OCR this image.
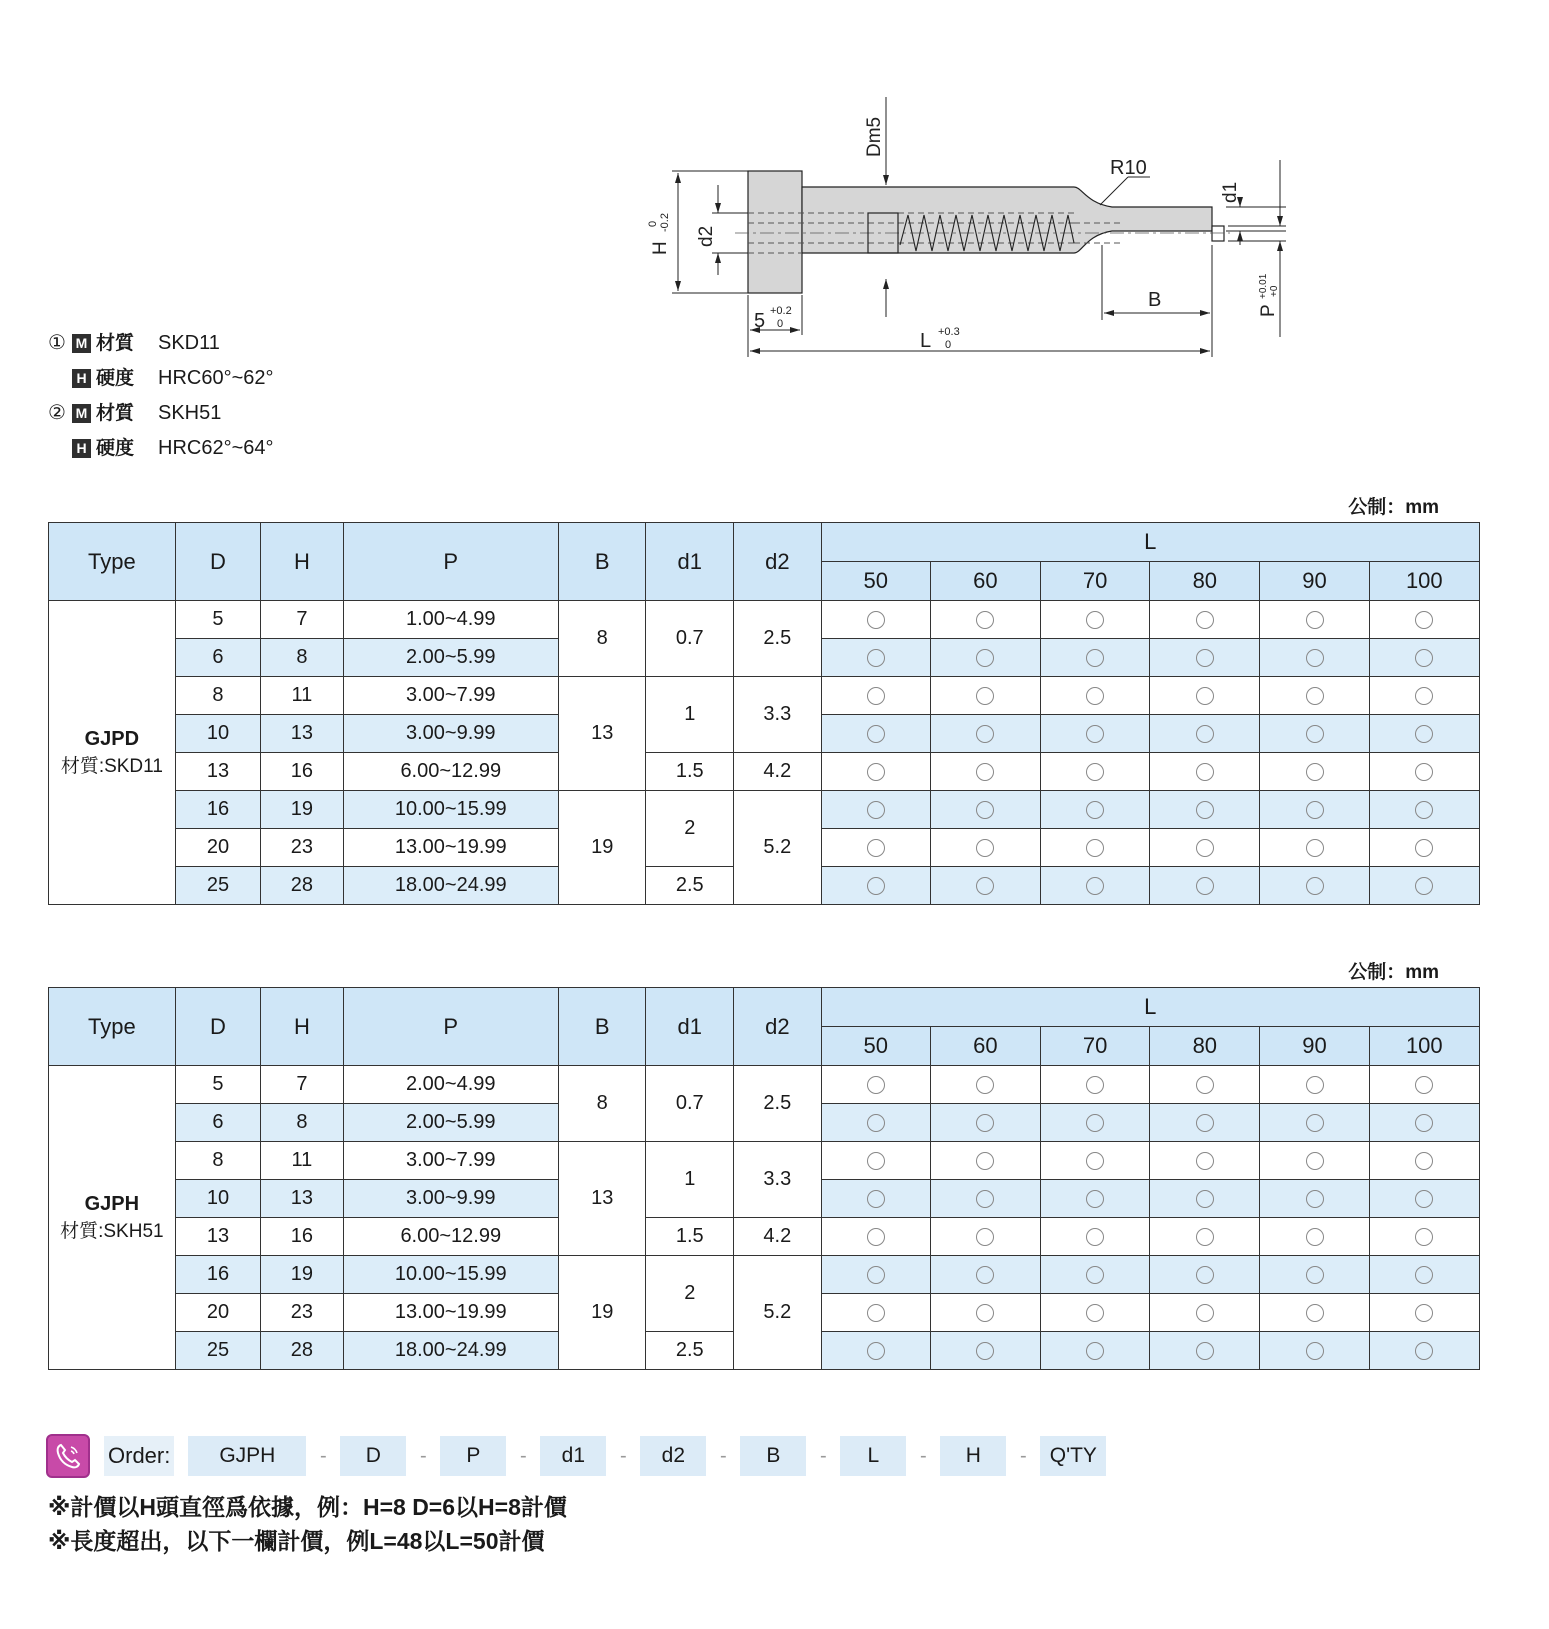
Dm5
R10
d1
d2
H
0 -0.2
B	P
+0.01 +0
5 +0.2
0
L +0.3
0
① M 材質	SKD11
H 硬度	HRC60°~62°
② M 材質	SKH51
H 硬度	HRC62°~64°
公制：mm
Type	D	H	P	B	d1	d2	L					
							50	60	70	80	90	100

GJPD
材質:SKD11	5	7	1.00~4.99	8	0.7	2.5						
	6	8	2.00~5.99									
	8	11	3.00~7.99	13	1	3.3						
	10	13	3.00~9.99									
	13	16	6.00~12.99		1.5	4.2						
	16	19	10.00~15.99	19	2	5.2						
	20	23	13.00~19.99									
	25	28	18.00~24.99		2.5							
公制：mm
Type	D	H	P	B	d1	d2	L					
							50	60	70	80	90	100

GJPH
材質:SKH51	5	7	2.00~4.99	8	0.7	2.5						
	6	8	2.00~5.99									
	8	11	3.00~7.99	13	1	3.3						
	10	13	3.00~9.99									
	13	16	6.00~12.99		1.5	4.2						
	16	19	10.00~15.99	19	2	5.2						
	20	23	13.00~19.99									
	25	28	18.00~24.99		2.5							
Order:	GJPH	-	D	-	P	-	d1	-	d2	-	B	-	L	-	H	-	Q'TY
※計價以H頭直徑爲依據，例：H=8 D=6以H=8計價
※長度超出，以下一欄計價，例L=48以L=50計價
